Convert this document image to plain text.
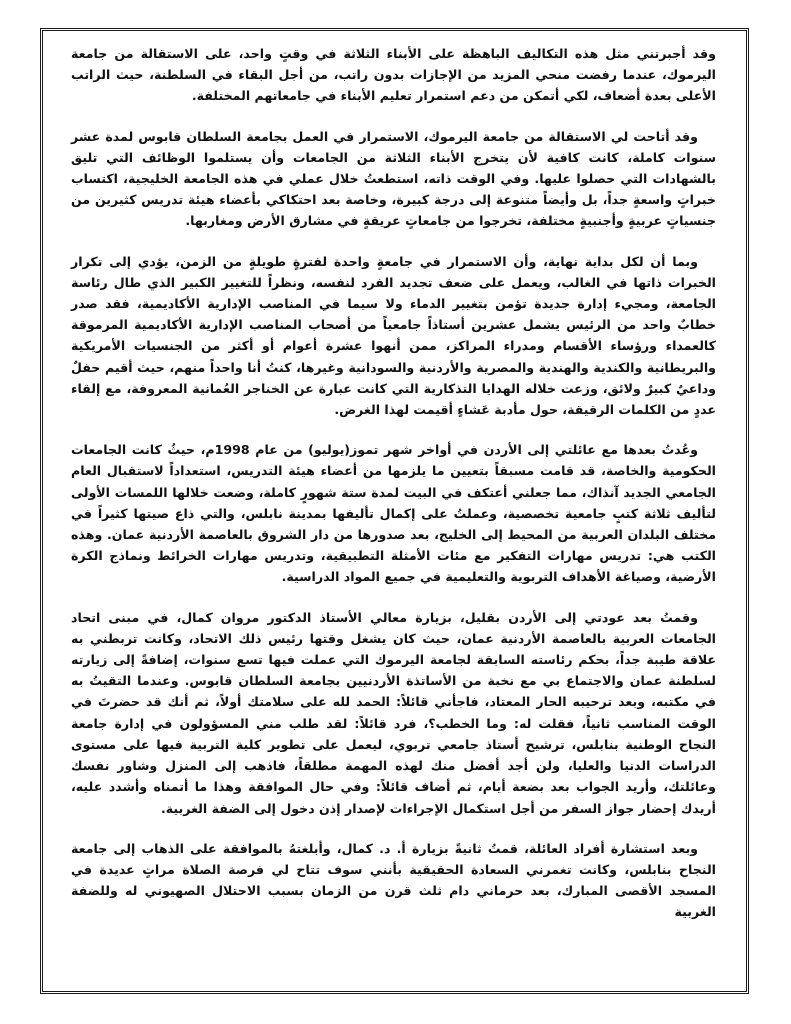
وقد أجبرتني مثل هذه التكاليف الباهظة على الأبناء الثلاثة في وقتٍ واحد، على الاستقالة من جامعة اليرموك، عندما رفضت منحي المزيد من الإجازات بدون راتب، من أجل البقاء في السلطنة، حيث الراتب الأعلى بعدة أضعاف، لكي أتمكن من دعم استمرار تعليم الأبناء في جامعاتهم المختلفة.

وقد أتاحت لي الاستقالة من جامعة اليرموك، الاستمرار في العمل بجامعة السلطان قابوس لمدة عشر سنوات كاملة، كانت كافية لأن يتخرج الأبناء الثلاثة من الجامعات وأن يستلموا الوظائف التي تليق بالشهادات التي حصلوا عليها. وفي الوقت ذاته، استطعتُ خلال عملي في هذه الجامعة الخليجية، اكتساب خبراتٍ واسعةٍ جداً، بل وأيضاً متنوعة إلى درجة كبيرة، وخاصة بعد احتكاكي بأعضاء هيئة تدريس كثيرين من جنسياتٍ عربيةٍ وأجنبيةٍ مختلفة، تخرجوا من جامعاتٍ عريقةٍ في مشارق الأرض ومغاربها.

وبما أن لكل بداية نهاية، وأن الاستمرار في جامعةٍ واحدة لفترةٍ طويلةٍ من الزمن، يؤدي إلى تكرار الخبرات ذاتها في الغالب، ويعمل على ضعف تجديد الفرد لنفسه، ونظراً للتغيير الكبير الذي طال رئاسة الجامعة، ومجيء إدارة جديدة تؤمن بتغيير الدماء ولا سيما في المناصب الإدارية الأكاديمية، فقد صدر خطابٌ واحد من الرئيس يشمل عشرين أستاذاً جامعياً من أصحاب المناصب الإدارية الأكاديمية المرموقة كالعمداء ورؤساء الأقسام ومدراء المراكز، ممن أنهوا عشرة أعوام أو أكثر من الجنسيات الأمريكية والبريطانية والكندية والهندية والمصرية والأردنية والسودانية وغيرها، كنتُ أنا واحداً منهم، حيث أقيم حفلٌ وداعيٌ كبيرٌ ولائق، وزعت خلاله الهدايا التذكارية التي كانت عبارة عن الخناجر العُمانية المعروفة، مع إلقاء عددٍ من الكلمات الرقيقة، حول مأدبة عَشاءٍ أقيمت لهذا الغرض.

وعُدتُ بعدها مع عائلتي إلى الأردن في أواخر شهر تموز(يوليو) من عام 1998م، حيثُ كانت الجامعات الحكومية والخاصة، قد قامت مسبقاً بتعيين ما يلزمها من أعضاء هيئة التدريس، استعداداً لاستقبال العام الجامعي الجديد آنذاك، مما جعلني أعتكف في البيت لمدة ستة شهورٍ كاملة، وضعت خلالها اللمسات الأولى لتأليف ثلاثة كتبٍ جامعية تخصصية، وعملتُ على إكمال تأليفها بمدينة نابلس، والتي ذاع صيتها كثيراً في مختلف البلدان العربية من المحيط إلى الخليج، بعد صدورها من دار الشروق بالعاصمة الأردنية عمان. وهذه الكتب هي: تدريس مهارات التفكير مع مئات الأمثلة التطبيقية، وتدريس مهارات الخرائط ونماذج الكرة الأرضية، وصياغة الأهداف التربوية والتعليمية في جميع المواد الدراسية.

وقمتُ بعد عودتي إلى الأردن بقليل، بزيارة معالي الأستاذ الدكتور مروان كمال، في مبنى اتحاد الجامعات العربية بالعاصمة الأردنية عمان، حيث كان يشغل وقتها رئيس ذلك الاتحاد، وكانت تربطني به علاقة طيبة جداً، بحكم رئاسته السابقة لجامعة اليرموك التي عملت فيها تسع سنوات، إضافةً إلى زيارته لسلطنة عمان والاجتماع بي مع نخبة من الأساتذة الأردنيين بجامعة السلطان قابوس. وعندما التقيتُ به في مكتبه، وبعد ترحيبه الحار المعتاد، فاجأني قائلاً: الحمد لله على سلامتك أولاً، ثم أنك قد حضرتَ في الوقت المناسب ثانياً، فقلت له: وما الخطب؟، فرد قائلاً: لقد طلب مني المسؤولون في إدارة جامعة النجاح الوطنية بنابلس، ترشيح أستاذ جامعي تربوي، ليعمل على تطوير كلية التربية فيها على مستوى الدراسات الدنيا والعليا، ولن أجد أفضل منك لهذه المهمة مطلقاً، فاذهب إلى المنزل وشاور نفسك وعائلتك، وأريد الجواب بعد بضعة أيام، ثم أضاف قائلاً: وفي حال الموافقة وهذا ما أتمناه وأشدد عليه، أريدك إحضار جواز السفر من أجل استكمال الإجراءات لإصدار إذن دخول إلى الضفة الغربية.

وبعد استشارة أفراد العائلة، قمتُ ثانيةً بزيارة أ. د. كمال، وأبلغتهُ بالموافقة على الذهاب إلى جامعة النجاح بنابلس، وكانت تغمرني السعادة الحقيقية بأنني سوف تتاح لي فرصة الصلاة مراتٍ عديدة في المسجد الأقصى المبارك، بعد حرماني دام ثلث قرن من الزمان بسبب الاحتلال الصهيوني له وللضفة الغربية
